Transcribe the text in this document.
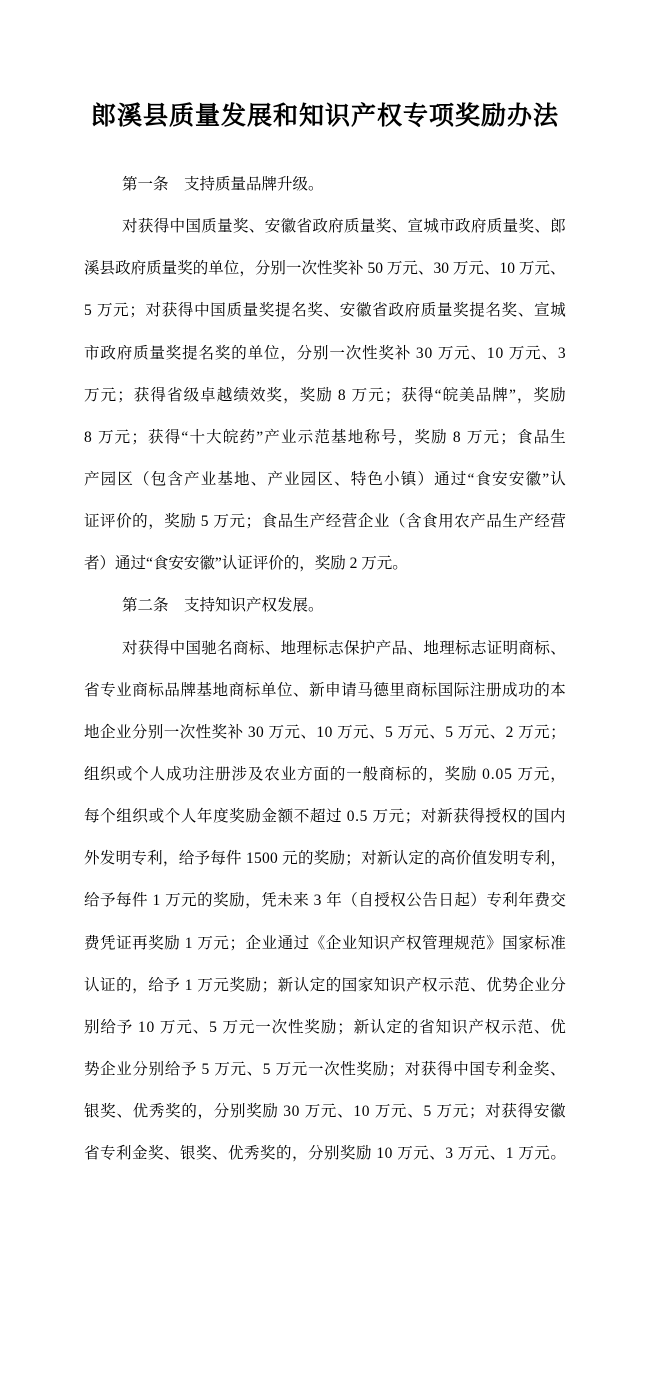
郎溪县质量发展和知识产权专项奖励办法
第一条　支持质量品牌升级。
对 获 得 中 国 质 量 奖 、 安 徽 省 政 府 质 量 奖 、 宣 城 市 政 府 质 量 奖 、 郎
溪 县 政 府 质 量 奖 的 单 位 ， 分 别 一 次 性 奖 补
5 0
万 元 、 3 0
万 元 、 1 0
万 元 、
5
万 元 ； 对 获 得 中 国 质 量 奖 提 名 奖 、 安 徽 省 政 府 质 量 奖 提 名 奖 、 宣 城
市 政 府 质 量 奖 提 名 奖 的 单 位 ， 分 别 一 次 性 奖 补
3 0
万 元 、 1 0
万 元 、 3
万 元 ； 获 得 省 级 卓 越 绩 效 奖 ， 奖 励
8
万 元 ； 获 得 “ 皖 美 品 牌 ” ， 奖 励
8
万 元 ； 获 得 “ 十 大 皖 药 ” 产 业 示 范 基 地 称 号 ， 奖 励
8
万 元 ； 食 品 生
产 园 区 （ 包 含 产 业 基 地 、 产 业 园 区 、 特 色 小 镇 ） 通 过 “ 食 安 安 徽 ” 认
证 评 价 的 ， 奖 励
5
万 元 ； 食 品 生 产 经 营 企 业 （ 含 食 用 农 产 品 生 产 经 营
者）通过“食安安徽”认证评价的，奖励 2 万元。
第二条　支持知识产权发展。
对 获 得 中 国 驰 名 商 标 、 地 理 标 志 保 护 产 品 、 地 理 标 志 证 明 商 标 、
省 专 业 商 标 品 牌 基 地 商 标 单 位 、 新 申 请 马 德 里 商 标 国 际 注 册 成 功 的 本
地 企 业 分 别 一 次 性 奖 补
3 0
万 元 、 1 0
万 元 、 5
万 元 、 5
万 元 、 2
万 元 ；
组 织 或 个 人 成 功 注 册 涉 及 农 业 方 面 的 一 般 商 标 的 ， 奖 励
0 . 0 5
万 元 ，
每 个 组 织 或 个 人 年 度 奖 励 金 额 不 超 过
0 . 5
万 元 ； 对 新 获 得 授 权 的 国 内
外 发 明 专 利 ， 给 予 每 件
1 5 0 0
元 的 奖 励 ； 对 新 认 定 的 高 价 值 发 明 专 利 ，
给 予 每 件
1
万 元 的 奖 励 ， 凭 未 来
3
年 （ 自 授 权 公 告 日 起 ） 专 利 年 费 交
费 凭 证 再 奖 励
1
万 元 ； 企 业 通 过 《 企 业 知 识 产 权 管 理 规 范 》 国 家 标 准
认 证 的 ， 给 予
1
万 元 奖 励 ； 新 认 定 的 国 家 知 识 产 权 示 范 、 优 势 企 业 分
别 给 予
1 0
万 元 、 5
万 元 一 次 性 奖 励 ； 新 认 定 的 省 知 识 产 权 示 范 、 优
势 企 业 分 别 给 予
5
万 元 、 5
万 元 一 次 性 奖 励 ； 对 获 得 中 国 专 利 金 奖 、
银 奖 、 优 秀 奖 的 ， 分 别 奖 励
3 0
万 元 、 1 0
万 元 、 5
万 元 ； 对 获 得 安 徽
省 专 利 金 奖 、 银 奖 、 优 秀 奖 的 ， 分 别 奖 励
1 0
万 元 、 3
万 元 、 1
万 元 。
